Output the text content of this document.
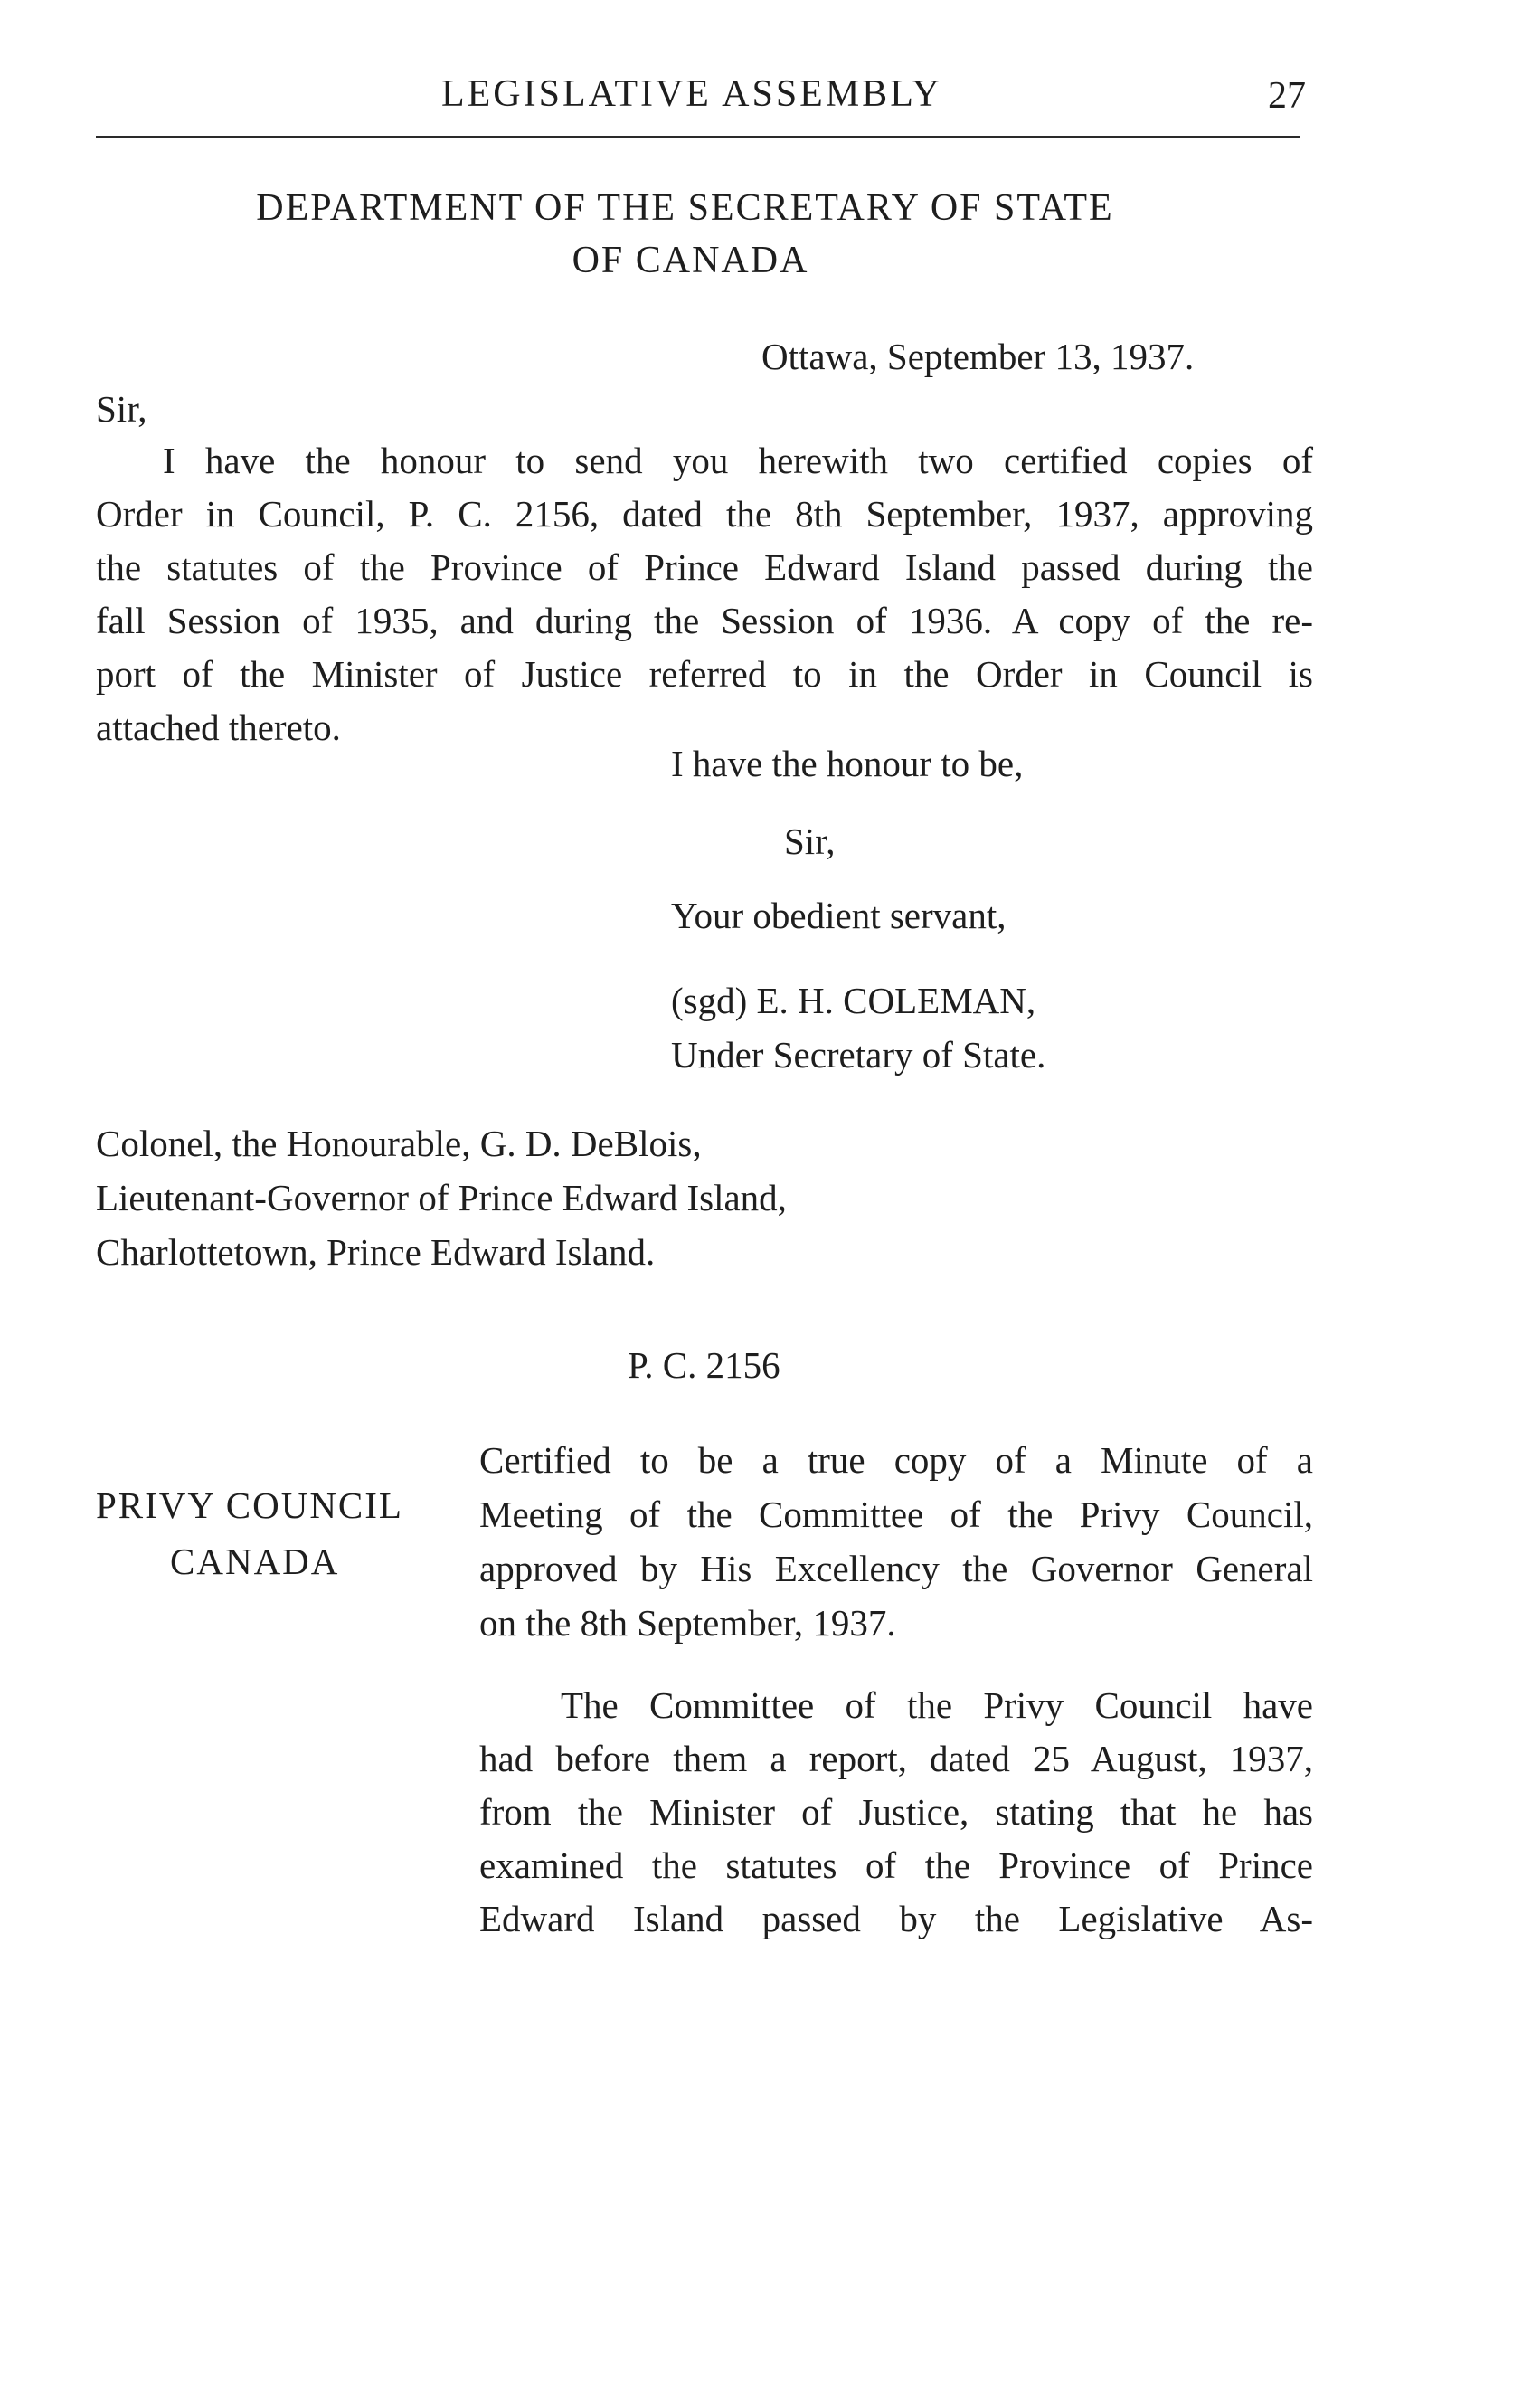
LEGISLATIVE ASSEMBLY	27
DEPARTMENT OF THE SECRETARY OF STATE
OF CANADA
Ottawa, September 13, 1937.
Sir,
I have the honour to send you herewith two certified copies of
Order in Council, P. C. 2156, dated the 8th September, 1937, approving
the statutes of the Province of Prince Edward Island passed during the
fall Session of 1935, and during the Session of 1936. A copy of the re-
port of the Minister of Justice referred to in the Order in Council is
attached thereto.
I have the honour to be,
Sir,
Your obedient servant,
(sgd) E. H. COLEMAN,
Under Secretary of State.
Colonel, the Honourable, G. D. DeBlois,
Lieutenant-Governor of Prince Edward Island,
Charlottetown, Prince Edward Island.
P. C. 2156
PRIVY COUNCIL
CANADA
Certified to be a true copy of a Minute of a
Meeting of the Committee of the Privy Council,
approved by His Excellency the Governor General
on the 8th September, 1937.
The Committee of the Privy Council have
had before them a report, dated 25 August, 1937,
from the Minister of Justice, stating that he has
examined the statutes of the Province of Prince
Edward Island passed by the Legislative As-
